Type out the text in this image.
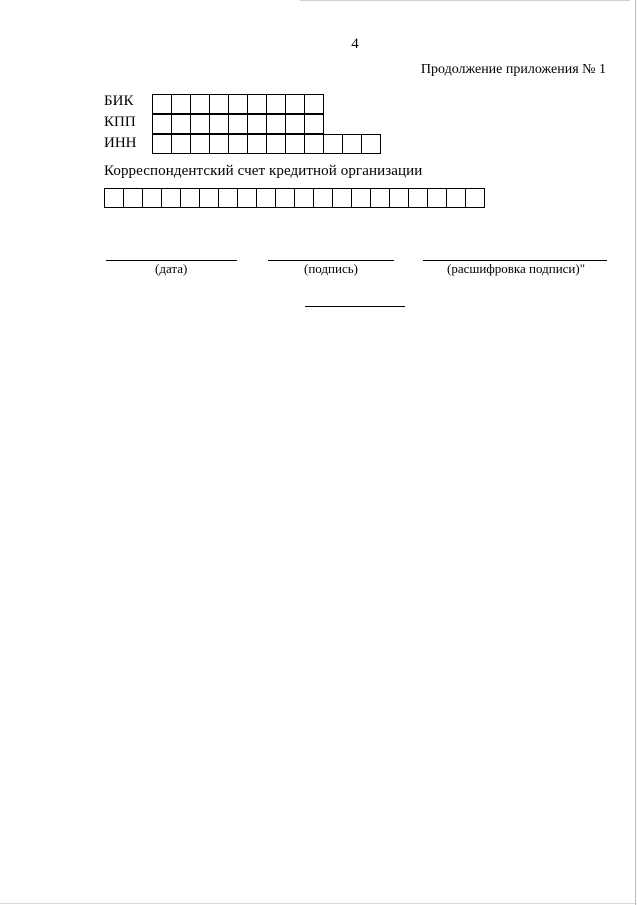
4
Продолжение приложения № 1
БИК
КПП
ИНН
Корреспондентский счет кредитной организации
(дата)	(подпись)	(расшифровка подписи)"
